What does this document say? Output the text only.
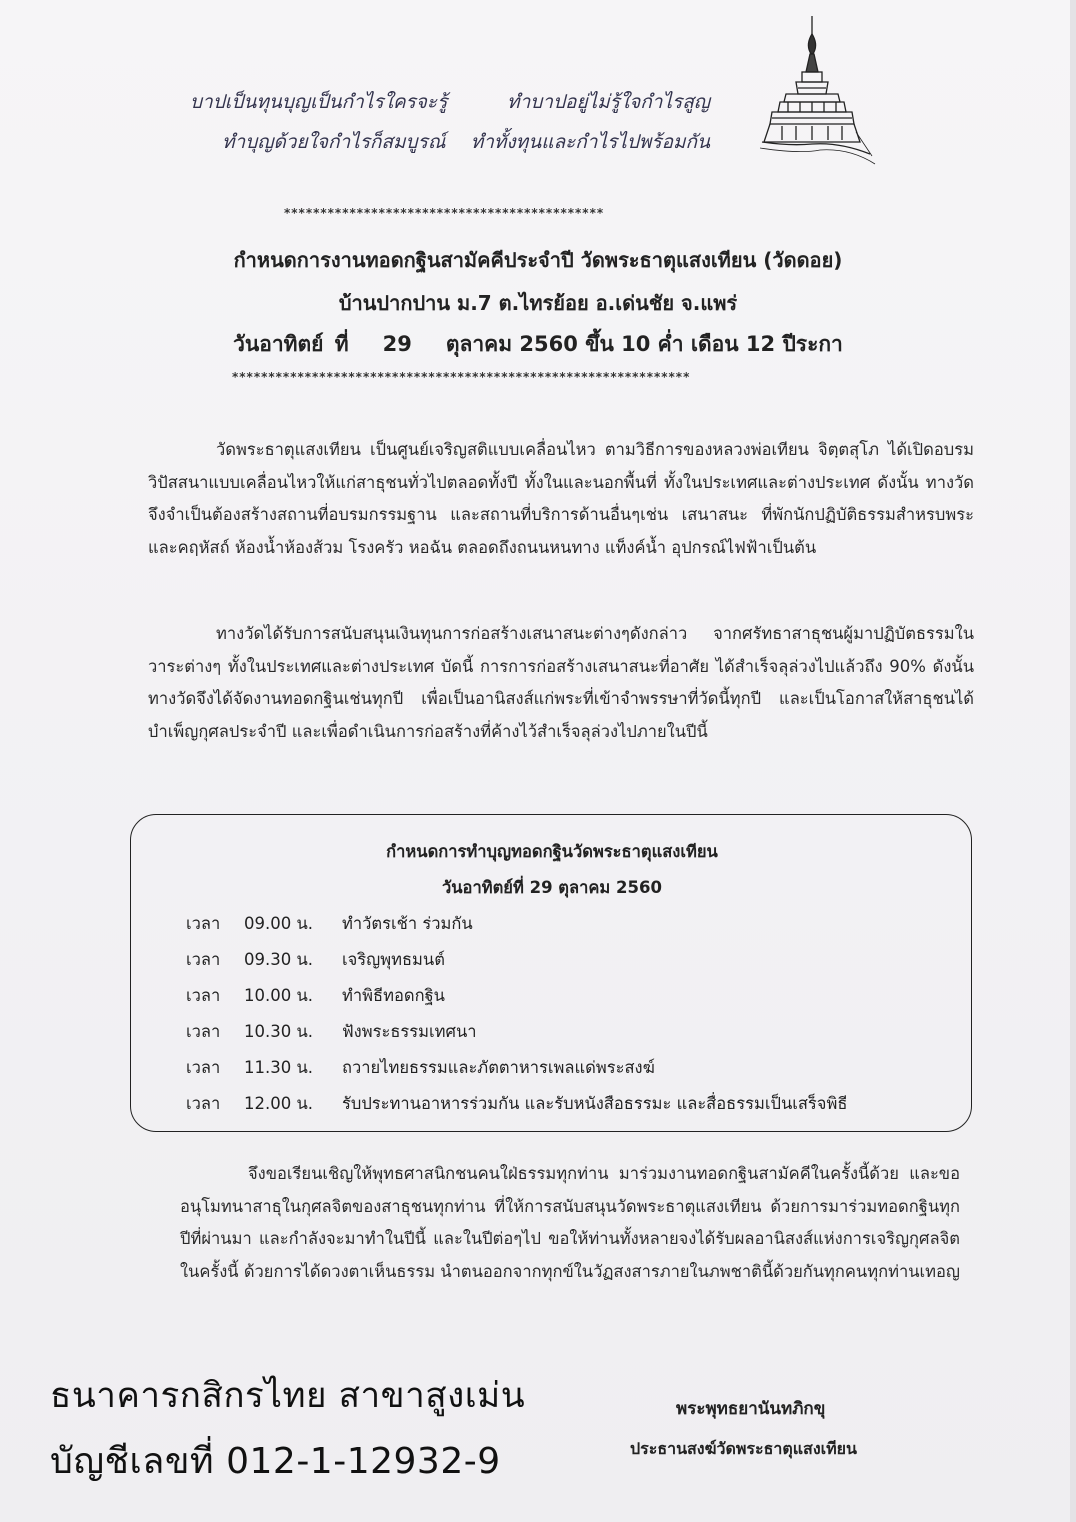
บาปเป็นทุนบุญเป็นกำไรใครจะรู้	ทำบาปอยู่ไม่รู้ใจกำไรสูญ
ทำบุญด้วยใจกำไรก็สมบูรณ์ ทำทั้งทุนและกำไรไปพร้อมกัน
********************************************
กำหนดการงานทอดกฐินสามัคคีประจำปี วัดพระธาตุแสงเทียน (วัดดอย)
บ้านปากปาน ม.7 ต.ไทรย้อย อ.เด่นชัย จ.แพร่
วันอาทิตย์ ที่ 29 ตุลาคม 2560 ขึ้น 10 ค่ำ เดือน 12 ปีระกา
***************************************************************
วัดพระธาตุแสงเทียน เป็นศูนย์เจริญสติแบบเคลื่อนไหว ตามวิธีการของหลวงพ่อเทียน จิตฺตสุโภ ได้เปิดอบรมวิปัสสนาแบบเคลื่อนไหวให้แก่สาธุชนทั่วไปตลอดทั้งปี ทั้งในและนอกพื้นที่ ทั้งในประเทศและต่างประเทศ ดังนั้น ทางวัด จึงจำเป็นต้องสร้างสถานที่อบรมกรรมฐาน และสถานที่บริการด้านอื่นๆเช่น เสนาสนะ ที่พักนักปฏิบัติธรรมสำหรบพระและคฤหัสถ์ ห้องน้ำห้องส้วม โรงครัว หอฉัน ตลอดถึงถนนหนทาง แท็งค์น้ำ อุปกรณ์ไฟฟ้าเป็นต้น
ทางวัดได้รับการสนับสนุนเงินทุนการก่อสร้างเสนาสนะต่างๆดังกล่าว จากศรัทธาสาธุชนผู้มาปฏิบัตธรรมในวาระต่างๆ ทั้งในประเทศและต่างประเทศ บัดนี้ การการก่อสร้างเสนาสนะที่อาศัย ได้สำเร็จลุล่วงไปแล้วถึง 90% ดังนั้น ทางวัดจึงได้จัดงานทอดกฐินเช่นทุกปี เพื่อเป็นอานิสงส์แก่พระที่เข้าจำพรรษาที่วัดนี้ทุกปี และเป็นโอกาสให้สาธุชนได้บำเพ็ญกุศลประจำปี และเพื่อดำเนินการก่อสร้างที่ค้างไว้สำเร็จลุล่วงไปภายในปีนี้
กำหนดการทำบุญทอดกฐินวัดพระธาตุแสงเทียน
วันอาทิตย์ที่ 29 ตุลาคม 2560
เวลา	09.00 น.	ทำวัตรเช้า ร่วมกัน
เวลา	09.30 น.	เจริญพุทธมนต์
เวลา	10.00 น.	ทำพิธีทอดกฐิน
เวลา	10.30 น.	ฟังพระธรรมเทศนา
เวลา	11.30 น.	ถวายไทยธรรมและภัตตาหารเพลแด่พระสงฆ์
เวลา	12.00 น.	รับประทานอาหารร่วมกัน และรับหนังสือธรรมะ และสื่อธรรมเป็นเสร็จพิธี
จึงขอเรียนเชิญให้พุทธศาสนิกชนคนใฝ่ธรรมทุกท่าน มาร่วมงานทอดกฐินสามัคคีในครั้งนี้ด้วย และขออนุโมทนาสาธุในกุศลจิตของสาธุชนทุกท่าน ที่ให้การสนับสนุนวัดพระธาตุแสงเทียน ด้วยการมาร่วมทอดกฐินทุกปีที่ผ่านมา และกำลังจะมาทำในปีนี้ และในปีต่อๆไป ขอให้ท่านทั้งหลายจงได้รับผลอานิสงส์แห่งการเจริญกุศลจิตในครั้งนี้ ด้วยการได้ดวงตาเห็นธรรม นำตนออกจากทุกข์ในวัฏสงสารภายในภพชาตินี้ด้วยกันทุกคนทุกท่านเทอญ
ธนาคารกสิกรไทย สาขาสูงเม่น
บัญชีเลขที่ 012-1-12932-9
พระพุทธยานันทภิกขุ
ประธานสงฆ์วัดพระธาตุแสงเทียน
